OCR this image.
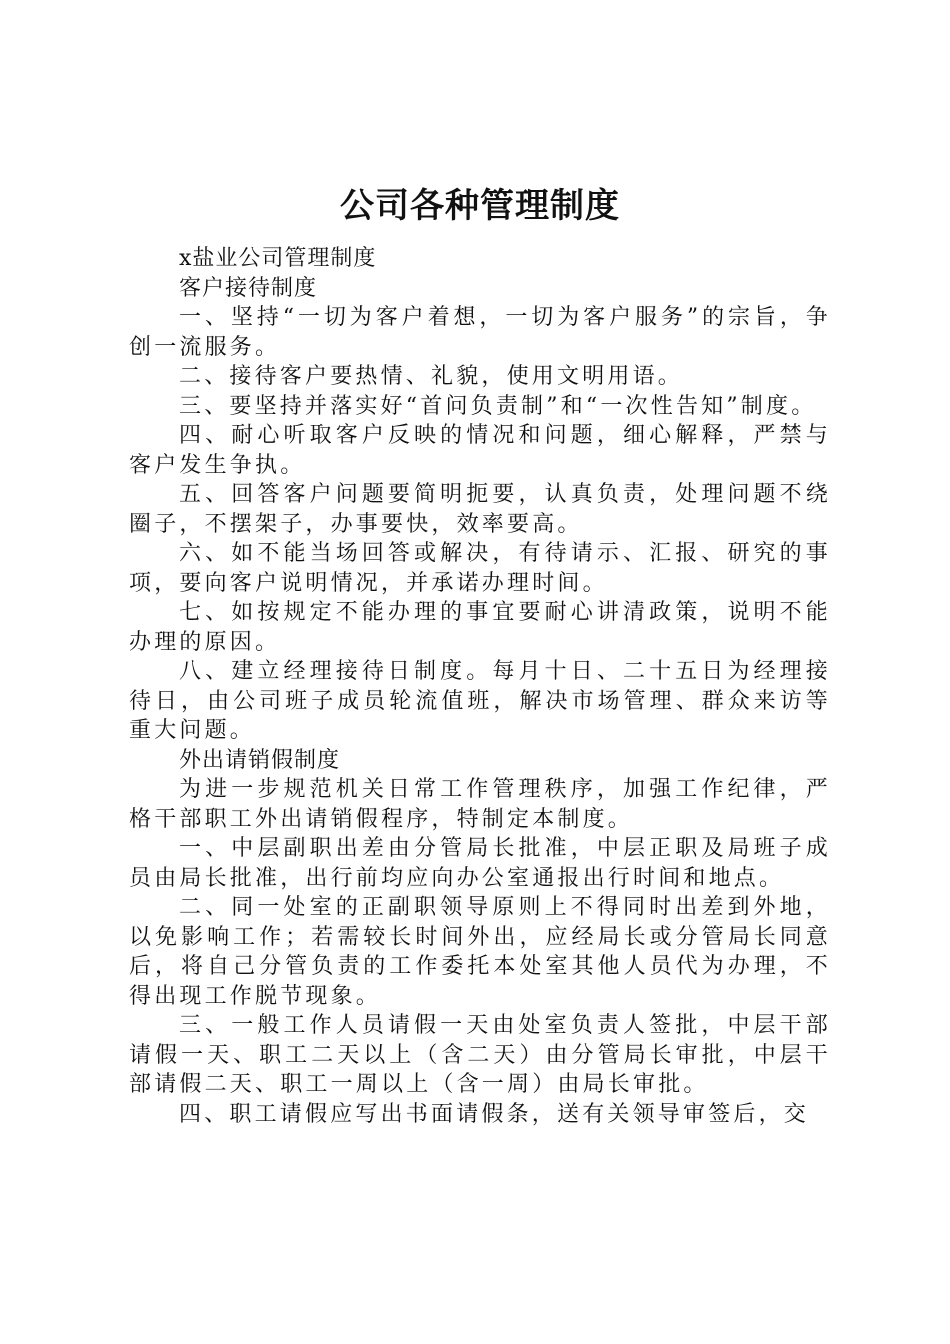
公司各种管理制度

x盐业公司管理制度

客户接待制度

一、坚持“一切为客户着想，一切为客户服务”的宗旨，争创一流服务。

二、接待客户要热情、礼貌，使用文明用语。

三、要坚持并落实好“首问负责制”和“一次性告知”制度。

四、耐心听取客户反映的情况和问题，细心解释，严禁与客户发生争执。

五、回答客户问题要简明扼要，认真负责，处理问题不绕圈子，不摆架子，办事要快，效率要高。

六、如不能当场回答或解决，有待请示、汇报、研究的事项，要向客户说明情况，并承诺办理时间。

七、如按规定不能办理的事宜要耐心讲清政策，说明不能办理的原因。

八、建立经理接待日制度。每月十日、二十五日为经理接待日，由公司班子成员轮流值班，解决市场管理、群众来访等重大问题。

外出请销假制度

为进一步规范机关日常工作管理秩序，加强工作纪律，严格干部职工外出请销假程序，特制定本制度。

一、中层副职出差由分管局长批准，中层正职及局班子成员由局长批准，出行前均应向办公室通报出行时间和地点。

二、同一处室的正副职领导原则上不得同时出差到外地，以免影响工作；若需较长时间外出，应经局长或分管局长同意后，将自己分管负责的工作委托本处室其他人员代为办理，不得出现工作脱节现象。

三、一般工作人员请假一天由处室负责人签批，中层干部请假一天、职工二天以上（含二天）由分管局长审批，中层干部请假二天、职工一周以上（含一周）由局长审批。

四、职工请假应写出书面请假条，送有关领导审签后，交
